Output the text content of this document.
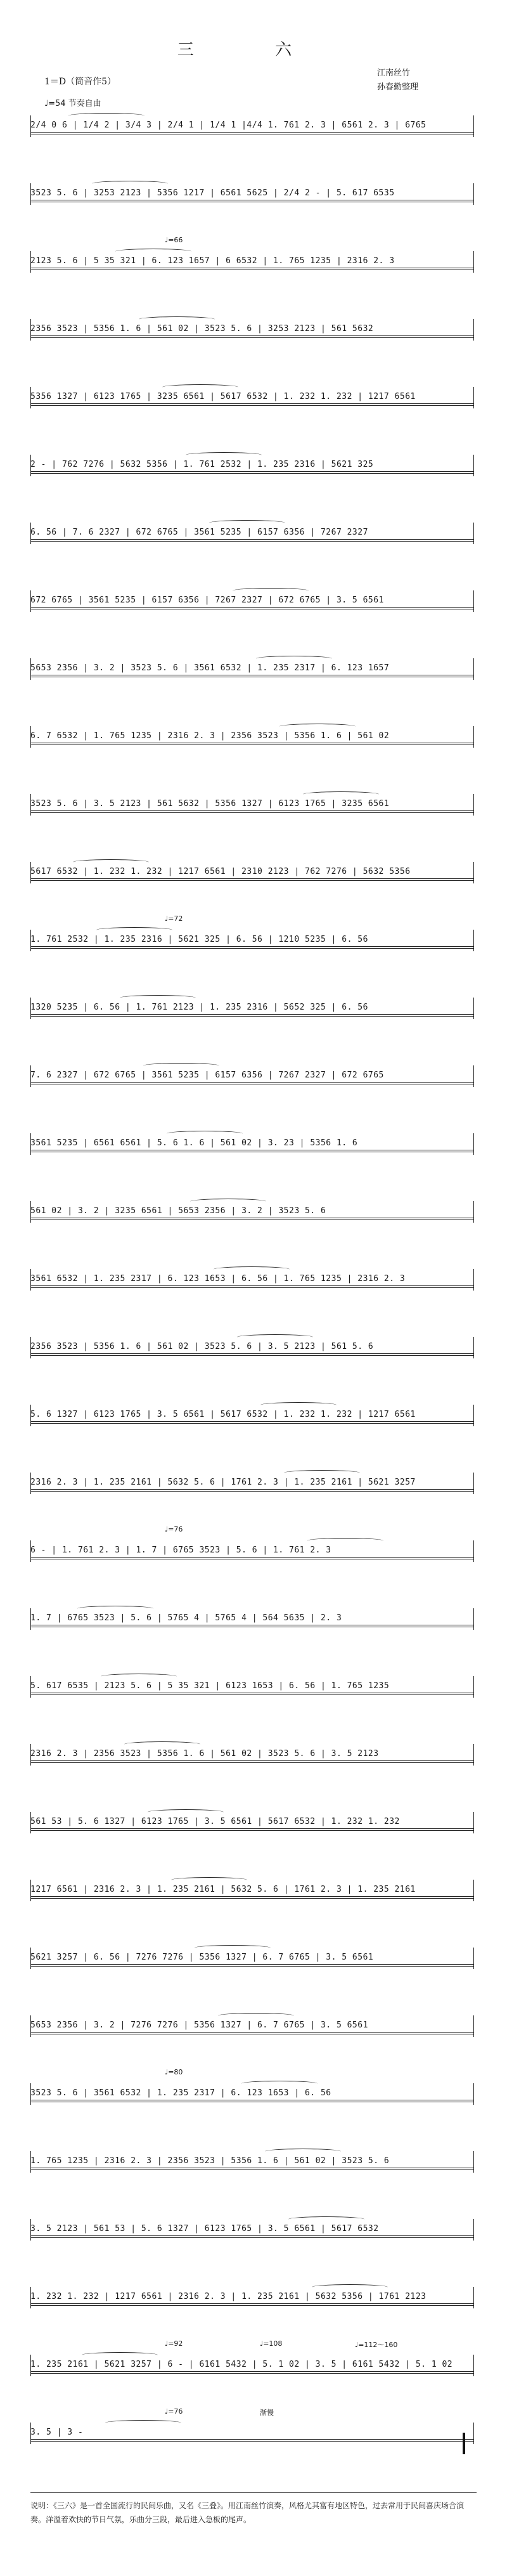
三 六
1＝D（筒音作5）
♩=54 节奏自由
江南丝竹
孙春勤整理
2/4 0 6 | 1/4 2 | 3/4 3 | 2/4 1 | 1/4 1 |4/4 1. 761 2. 3 | 6561 2. 3 | 6765
3523 5. 6 | 3253 2123 | 5356 1217 | 6561 5625 | 2/4 2 - | 5. 617 6535
2123 5. 6 | 5 35 321 | 6. 123 1657 | 6 6532 | 1. 765 1235 | 2316 2. 3
2356 3523 | 5356 1. 6 | 561 02 | 3523 5. 6 | 3253 2123 | 561 5632
5356 1327 | 6123 1765 | 3235 6561 | 5617 6532 | 1. 232 1. 232 | 1217 6561
2 - | 762 7276 | 5632 5356 | 1. 761 2532 | 1. 235 2316 | 5621 325
6. 56 | 7. 6 2327 | 672 6765 | 3561 5235 | 6157 6356 | 7267 2327
672 6765 | 3561 5235 | 6157 6356 | 7267 2327 | 672 6765 | 3. 5 6561
5653 2356 | 3. 2 | 3523 5. 6 | 3561 6532 | 1. 235 2317 | 6. 123 1657
6. 7 6532 | 1. 765 1235 | 2316 2. 3 | 2356 3523 | 5356 1. 6 | 561 02
3523 5. 6 | 3. 5 2123 | 561 5632 | 5356 1327 | 6123 1765 | 3235 6561
5617 6532 | 1. 232 1. 232 | 1217 6561 | 2310 2123 | 762 7276 | 5632 5356
1. 761 2532 | 1. 235 2316 | 5621 325 | 6. 56 | 1210 5235 | 6. 56
1320 5235 | 6. 56 | 1. 761 2123 | 1. 235 2316 | 5652 325 | 6. 56
7. 6 2327 | 672 6765 | 3561 5235 | 6157 6356 | 7267 2327 | 672 6765
3561 5235 | 6561 6561 | 5. 6 1. 6 | 561 02 | 3. 23 | 5356 1. 6
561 02 | 3. 2 | 3235 6561 | 5653 2356 | 3. 2 | 3523 5. 6
3561 6532 | 1. 235 2317 | 6. 123 1653 | 6. 56 | 1. 765 1235 | 2316 2. 3
2356 3523 | 5356 1. 6 | 561 02 | 3523 5. 6 | 3. 5 2123 | 561 5. 6
5. 6 1327 | 6123 1765 | 3. 5 6561 | 5617 6532 | 1. 232 1. 232 | 1217 6561
2316 2. 3 | 1. 235 2161 | 5632 5. 6 | 1761 2. 3 | 1. 235 2161 | 5621 3257
6 - | 1. 761 2. 3 | 1. 7 | 6765 3523 | 5. 6 | 1. 761 2. 3
1. 7 | 6765 3523 | 5. 6 | 5765 4 | 5765 4 | 564 5635 | 2. 3
5. 617 6535 | 2123 5. 6 | 5 35 321 | 6123 1653 | 6. 56 | 1. 765 1235
2316 2. 3 | 2356 3523 | 5356 1. 6 | 561 02 | 3523 5. 6 | 3. 5 2123
561 53 | 5. 6 1327 | 6123 1765 | 3. 5 6561 | 5617 6532 | 1. 232 1. 232
1217 6561 | 2316 2. 3 | 1. 235 2161 | 5632 5. 6 | 1761 2. 3 | 1. 235 2161
5621 3257 | 6. 56 | 7276 7276 | 5356 1327 | 6. 7 6765 | 3. 5 6561
5653 2356 | 3. 2 | 7276 7276 | 5356 1327 | 6. 7 6765 | 3. 5 6561
3523 5. 6 | 3561 6532 | 1. 235 2317 | 6. 123 1653 | 6. 56
1. 765 1235 | 2316 2. 3 | 2356 3523 | 5356 1. 6 | 561 02 | 3523 5. 6
3. 5 2123 | 561 53 | 5. 6 1327 | 6123 1765 | 3. 5 6561 | 5617 6532
1. 232 1. 232 | 1217 6561 | 2316 2. 3 | 1. 235 2161 | 5632 5356 | 1761 2123
1. 235 2161 | 5621 3257 | 6 - | 6161 5432 | 5. 1 02 | 3. 5 | 6161 5432 | 5. 1 02
3. 5 | 3 -
说明：《三六》是一首全国流行的民间乐曲，又名《三叠》。用江南丝竹演奏，风格尤其富有地区特色，过去常用于民间喜庆场合演奏。洋溢着欢快的节日气氛，乐曲分三段，最后进入急板的尾声。
♩=66
♩=72
♩=76
♩=80
♩=92	♩=108	♩=112～160
♩=76	渐慢
